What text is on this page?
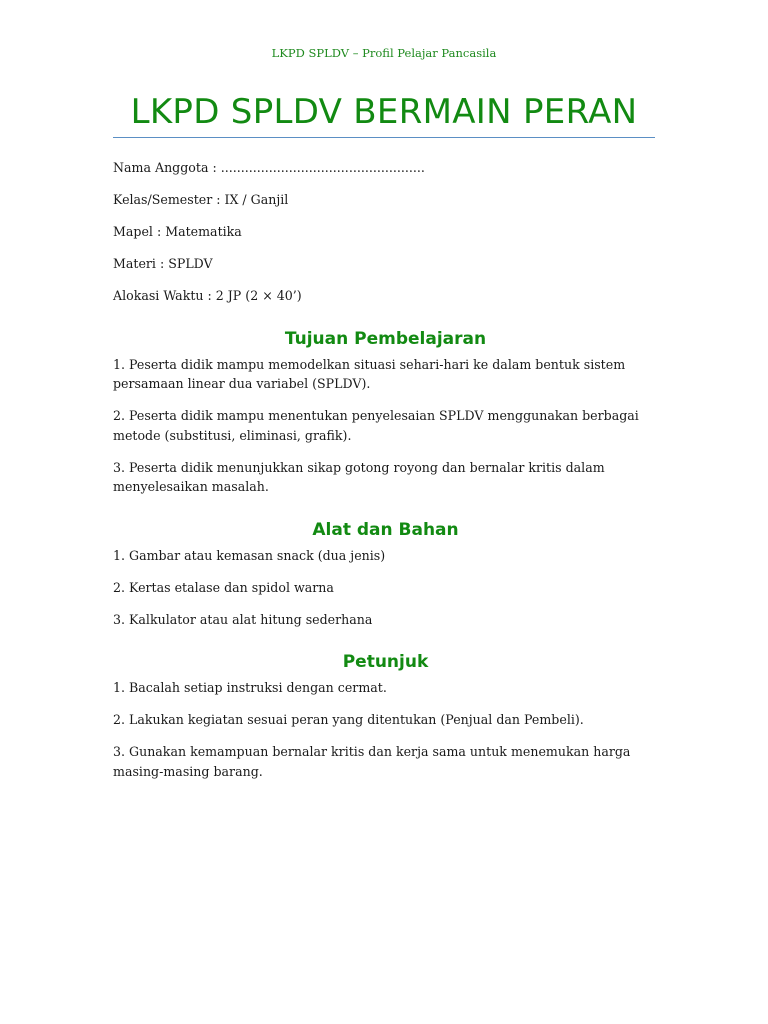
LKPD SPLDV – Profil Pelajar Pancasila
LKPD SPLDV BERMAIN PERAN

Nama Anggota : ...................................................

Kelas/Semester : IX / Ganjil

Mapel : Matematika

Materi : SPLDV

Alokasi Waktu : 2 JP (2 × 40’)

Tujuan Pembelajaran

1. Peserta didik mampu memodelkan situasi sehari-hari ke dalam bentuk sistem persamaan linear dua variabel (SPLDV).

2. Peserta didik mampu menentukan penyelesaian SPLDV menggunakan berbagai metode (substitusi, eliminasi, grafik).

3. Peserta didik menunjukkan sikap gotong royong dan bernalar kritis dalam menyelesaikan masalah.

Alat dan Bahan

1. Gambar atau kemasan snack (dua jenis)

2. Kertas etalase dan spidol warna

3. Kalkulator atau alat hitung sederhana

Petunjuk

1. Bacalah setiap instruksi dengan cermat.

2. Lakukan kegiatan sesuai peran yang ditentukan (Penjual dan Pembeli).

3. Gunakan kemampuan bernalar kritis dan kerja sama untuk menemukan harga masing-masing barang.
